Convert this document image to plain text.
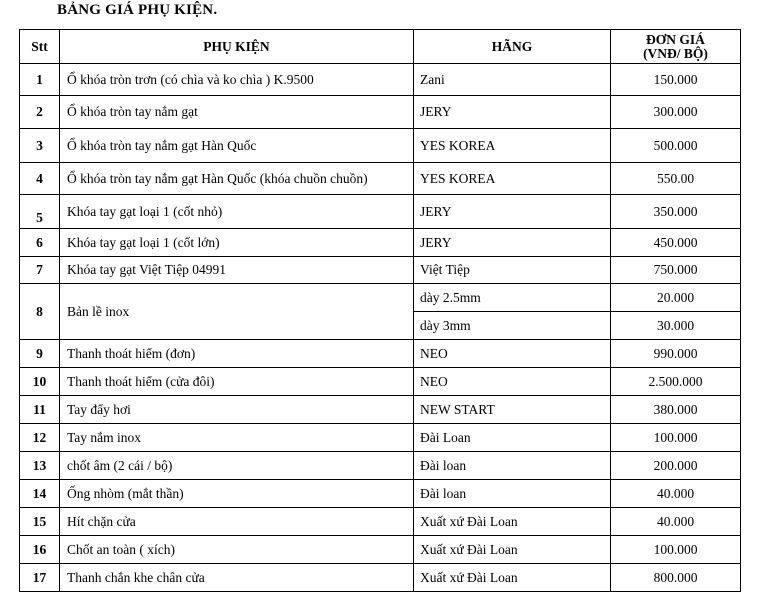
BẢNG GIÁ PHỤ KIỆN.
Stt	PHỤ KIỆN	HÃNG	ĐƠN GIÁ
(VNĐ/ BỘ)

1	Ổ khóa tròn trơn (có chìa và ko chìa ) K.9500	Zani	150.000
2	Ổ khóa tròn tay nắm gạt	JERY	300.000
3	Ổ khóa tròn tay nắm gạt Hàn Quốc	YES KOREA	500.000
4	Ổ khóa tròn tay nắm gạt Hàn Quốc (khóa chuồn chuồn)	YES KOREA	550.00
5	Khóa tay gạt loại 1 (cốt nhỏ)	JERY	350.000
6	Khóa tay gạt loại 1 (cốt lớn)	JERY	450.000
7	Khóa tay gạt Việt Tiệp 04991	Việt Tiệp	750.000
8	Bản lề inox	dày 2.5mm	20.000
		dày 3mm	30.000
9	Thanh thoát hiểm (đơn)	NEO	990.000
10	Thanh thoát hiểm (cửa đôi)	NEO	2.500.000
11	Tay đẩy hơi	NEW START	380.000
12	Tay nắm inox	Đài Loan	100.000
13	chốt âm (2 cái / bộ)	Đài loan	200.000
14	Ống nhòm (mắt thần)	Đài loan	40.000
15	Hít chặn cửa	Xuất xứ Đài Loan	40.000
16	Chốt an toàn ( xích)	Xuất xứ Đài Loan	100.000
17	Thanh chắn khe chân cửa	Xuất xứ Đài Loan	800.000
